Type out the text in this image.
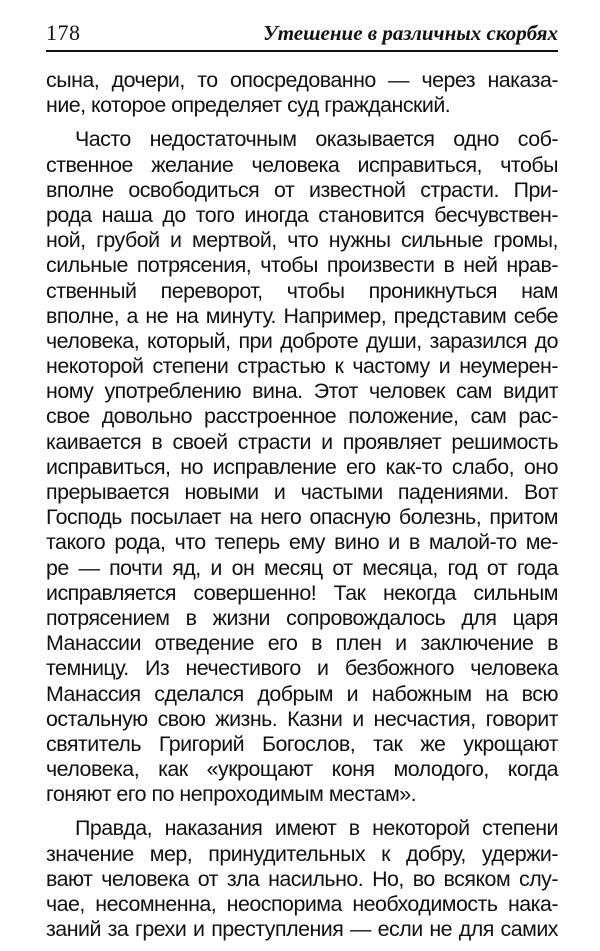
178	Утешение в различных скорбях
сына, дочери, то опосредованно — через наказа-
ние, которое определяет суд гражданский.
Часто недостаточным оказывается одно соб-
ственное желание человека исправиться, чтобы
вполне освободиться от известной страсти. При-
рода наша до того иногда становится бесчувствен-
ной, грубой и мертвой, что нужны сильные громы,
сильные потрясения, чтобы произвести в ней нрав-
ственный переворот, чтобы проникнуться нам
вполне, а не на минуту. Например, представим себе
человека, который, при доброте души, заразился до
некоторой степени страстью к частому и неумерен-
ному употреблению вина. Этот человек сам видит
свое довольно расстроенное положение, сам рас-
каивается в своей страсти и проявляет решимость
исправиться, но исправление его как-то слабо, оно
прерывается новыми и частыми падениями. Вот
Господь посылает на него опасную болезнь, притом
такого рода, что теперь ему вино и в малой-то ме-
ре — почти яд, и он месяц от месяца, год от года
исправляется совершенно! Так некогда сильным
потрясением в жизни сопровождалось для царя
Манассии отведение его в плен и заключение в
темницу. Из нечестивого и безбожного человека
Манассия сделался добрым и набожным на всю
остальную свою жизнь. Казни и несчастия, говорит
святитель Григорий Богослов, так же укрощают
человека, как «укрощают коня молодого, когда
гоняют его по непроходимым местам».
Правда, наказания имеют в некоторой степени
значение мер, принудительных к добру, удержи-
вают человека от зла насильно. Но, во всяком слу-
чае, несомненна, неоспорима необходимость нака-
заний за грехи и преступления — если не для самих
